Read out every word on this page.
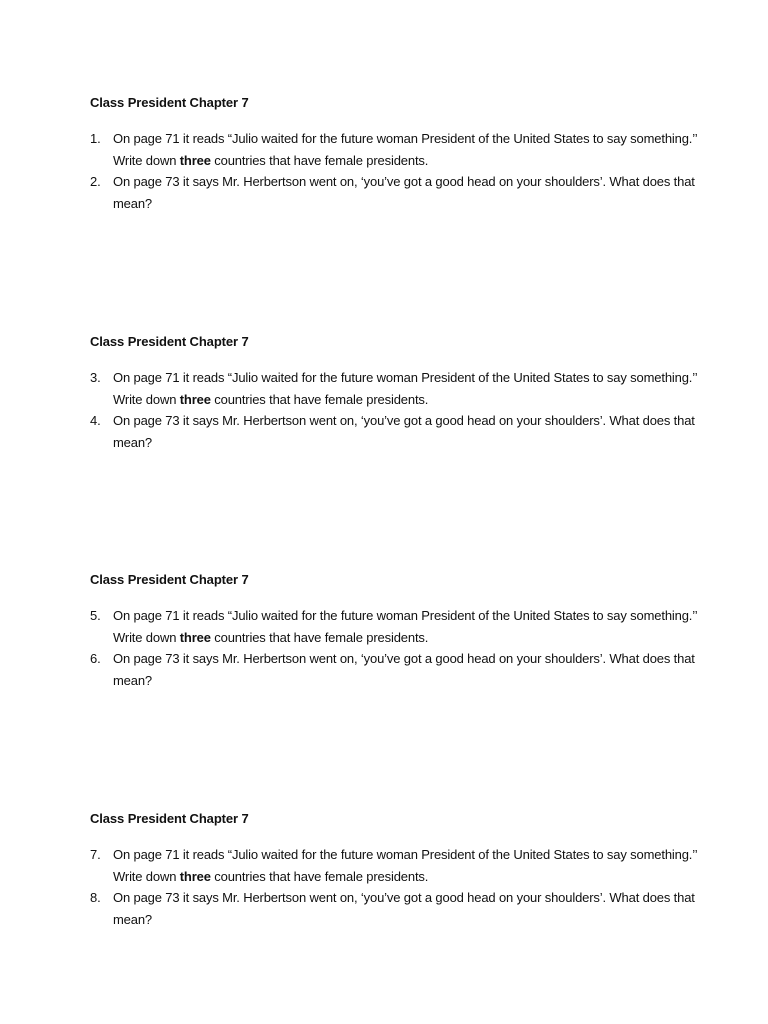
Class President Chapter 7

1. On page 71 it reads “Julio waited for the future woman President of the United States to say something.’’ Write down three countries that have female presidents.
2. On page 73 it says Mr. Herbertson went on, ‘you’ve got a good head on your shoulders’. What does that mean?

Class President Chapter 7

3. On page 71 it reads “Julio waited for the future woman President of the United States to say something.’’ Write down three countries that have female presidents.
4. On page 73 it says Mr. Herbertson went on, ‘you’ve got a good head on your shoulders’. What does that mean?

Class President Chapter 7

5. On page 71 it reads “Julio waited for the future woman President of the United States to say something.’’ Write down three countries that have female presidents.
6. On page 73 it says Mr. Herbertson went on, ‘you’ve got a good head on your shoulders’. What does that mean?

Class President Chapter 7

7. On page 71 it reads “Julio waited for the future woman President of the United States to say something.’’ Write down three countries that have female presidents.
8. On page 73 it says Mr. Herbertson went on, ‘you’ve got a good head on your shoulders’. What does that mean?
